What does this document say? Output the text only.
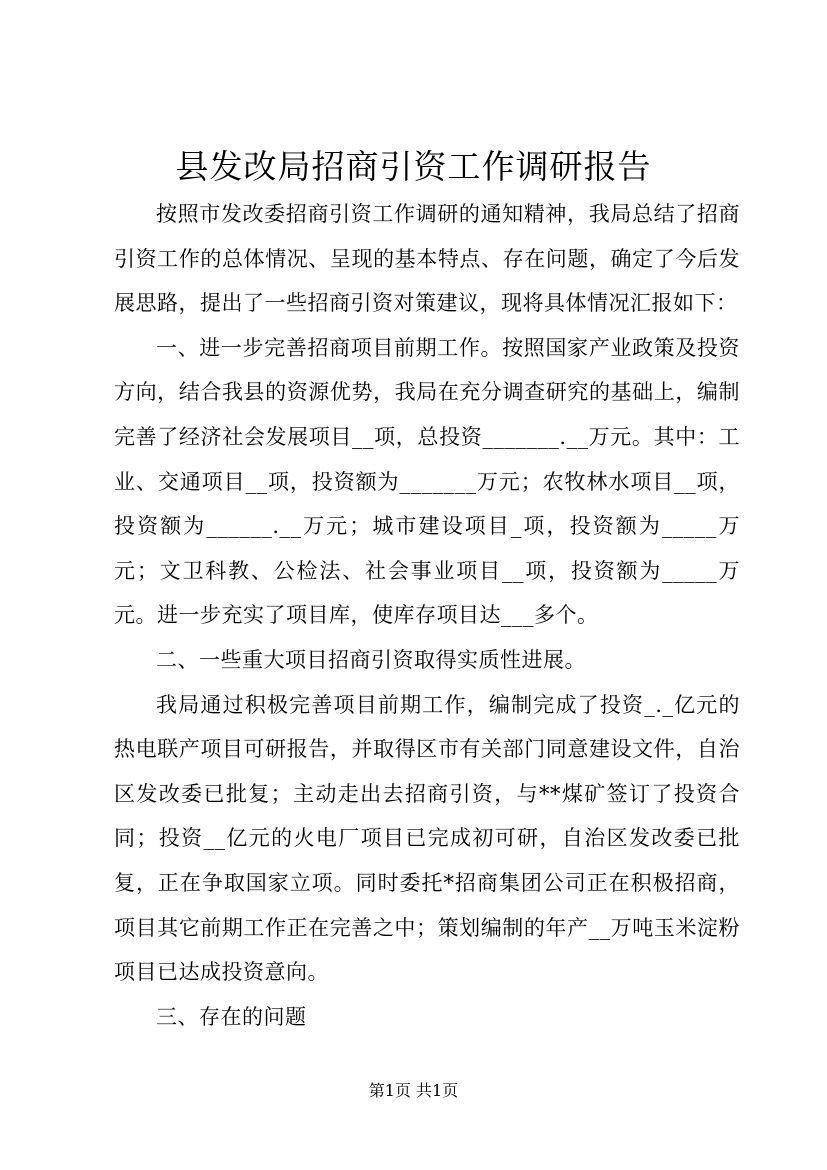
县发改局招商引资工作调研报告

按照市发改委招商引资工作调研的通知精神，我局总结了招商引资工作的总体情况、呈现的基本特点、存在问题，确定了今后发展思路，提出了一些招商引资对策建议，现将具体情况汇报如下：

一、进一步完善招商项目前期工作。按照国家产业政策及投资方向，结合我县的资源优势，我局在充分调查研究的基础上，编制完善了经济社会发展项目__项，总投资_______.__万元。其中：工业、交通项目__项，投资额为_______万元；农牧林水项目__项，投资额为______.__万元；城市建设项目_项，投资额为_____万元；文卫科教、公检法、社会事业项目__项，投资额为_____万元。进一步充实了项目库，使库存项目达___多个。

二、一些重大项目招商引资取得实质性进展。

我局通过积极完善项目前期工作，编制完成了投资_._亿元的热电联产项目可研报告，并取得区市有关部门同意建设文件，自治区发改委已批复；主动走出去招商引资，与**煤矿签订了投资合同；投资__亿元的火电厂项目已完成初可研，自治区发改委已批复，正在争取国家立项。同时委托*招商集团公司正在积极招商，项目其它前期工作正在完善之中；策划编制的年产__万吨玉米淀粉项目已达成投资意向。

三、存在的问题

第1页 共1页
